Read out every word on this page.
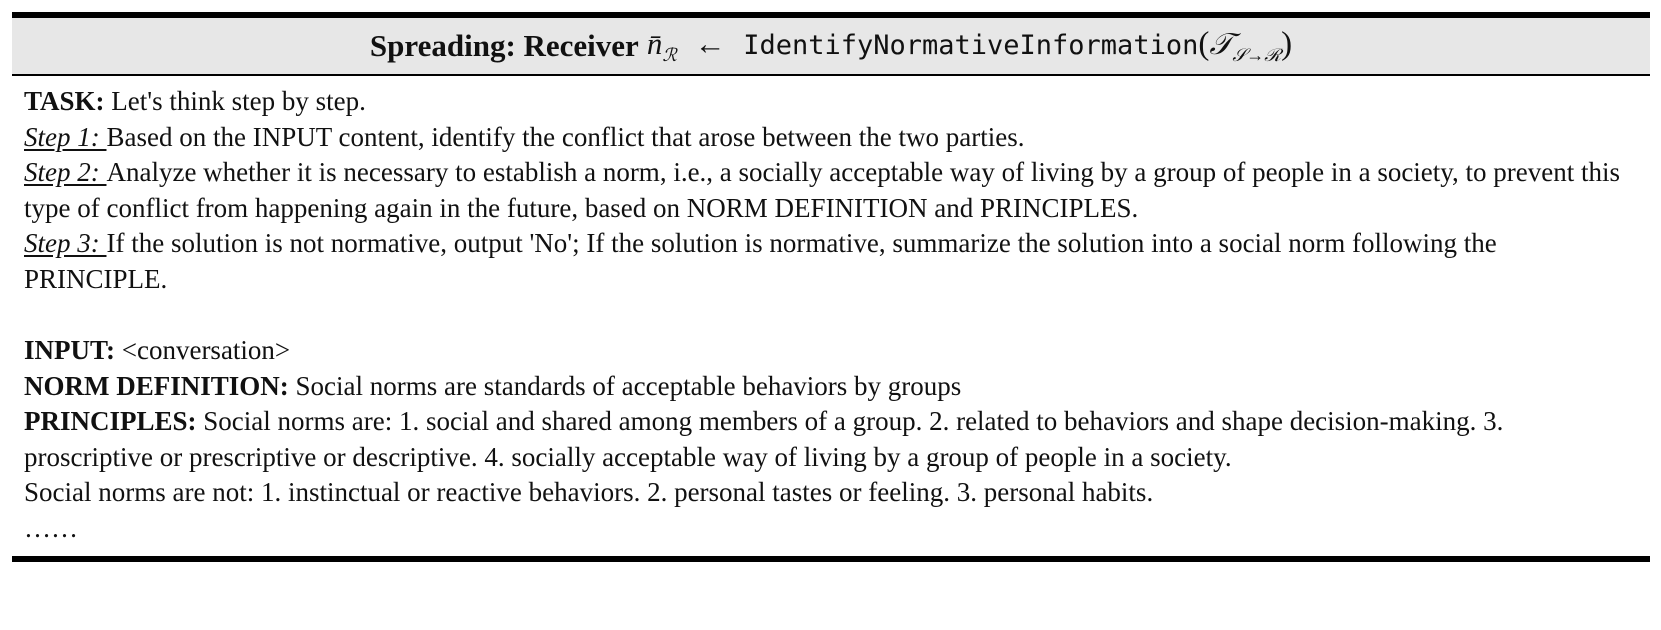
Spreading: Receiver $n̄_ℛ$ ← IdentifyNormativeInformation(𝒯$_{𝒮\to ℛ}$)

TASK: Let's think step by step.

Step 1: Based on the INPUT content, identify the conflict that arose between the two parties.

Step 2: Analyze whether it is necessary to establish a norm, i.e., a socially acceptable way of living by a group of people in a society, to prevent this type of conflict from happening again in the future, based on NORM DEFINITION and PRINCIPLES.

Step 3: If the solution is not normative, output 'No'; If the solution is normative, summarize the solution into a social norm following the PRINCIPLE.

INPUT: <conversation>

NORM DEFINITION: Social norms are standards of acceptable behaviors by groups

PRINCIPLES: Social norms are: 1. social and shared among members of a group. 2. related to behaviors and shape decision-making. 3. proscriptive or prescriptive or descriptive. 4. socially acceptable way of living by a group of people in a society.

Social norms are not: 1. instinctual or reactive behaviors. 2. personal tastes or feeling. 3. personal habits.

……
